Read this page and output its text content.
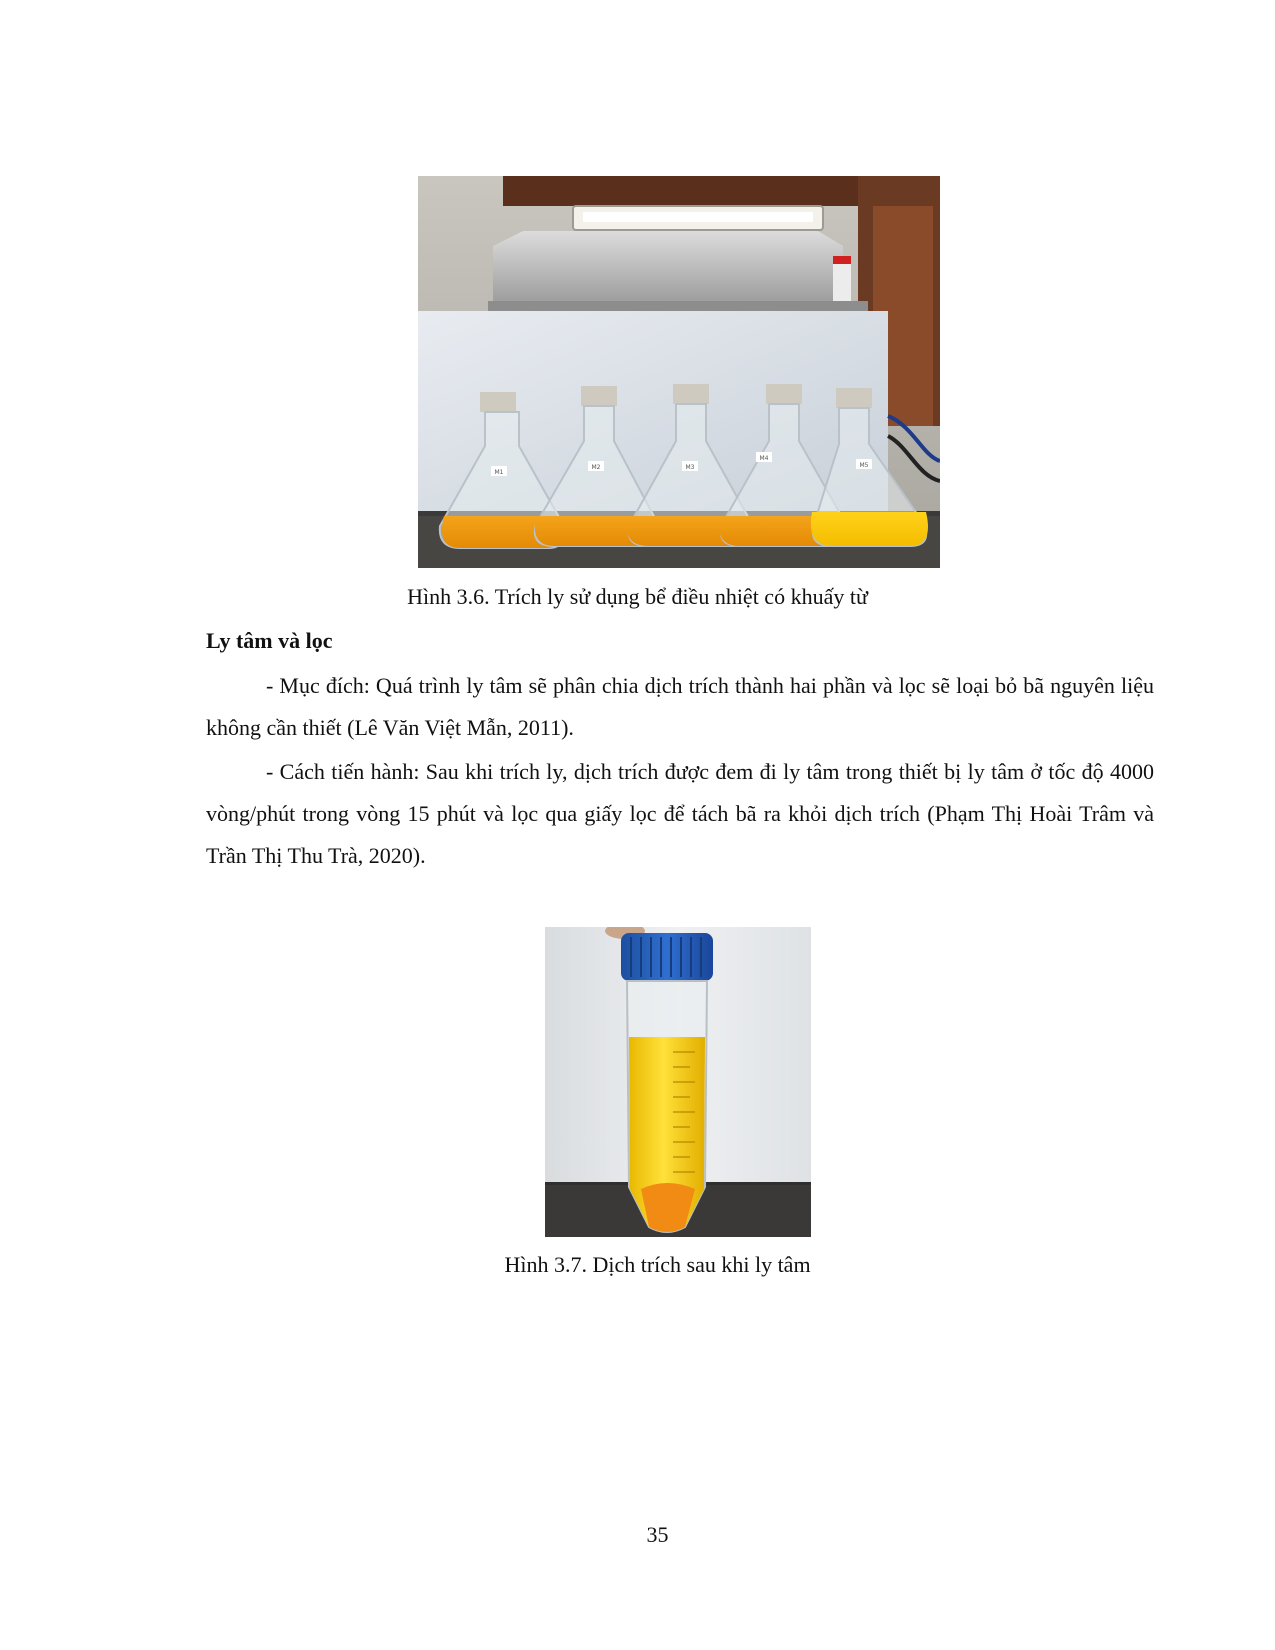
M1
M2	M3
M4
M5
Hình 3.6. Trích ly sử dụng bể điều nhiệt có khuấy từ
Ly tâm và lọc
- Mục đích: Quá trình ly tâm sẽ phân chia dịch trích thành hai phần và lọc sẽ loại bỏ bã nguyên liệu không cần thiết (Lê Văn Việt Mẫn, 2011).
- Cách tiến hành: Sau khi trích ly, dịch trích được đem đi ly tâm trong thiết bị ly tâm ở tốc độ 4000 vòng/phút trong vòng 15 phút và lọc qua giấy lọc để tách bã ra khỏi dịch trích (Phạm Thị Hoài Trâm và Trần Thị Thu Trà, 2020).
Hình 3.7. Dịch trích sau khi ly tâm
35
